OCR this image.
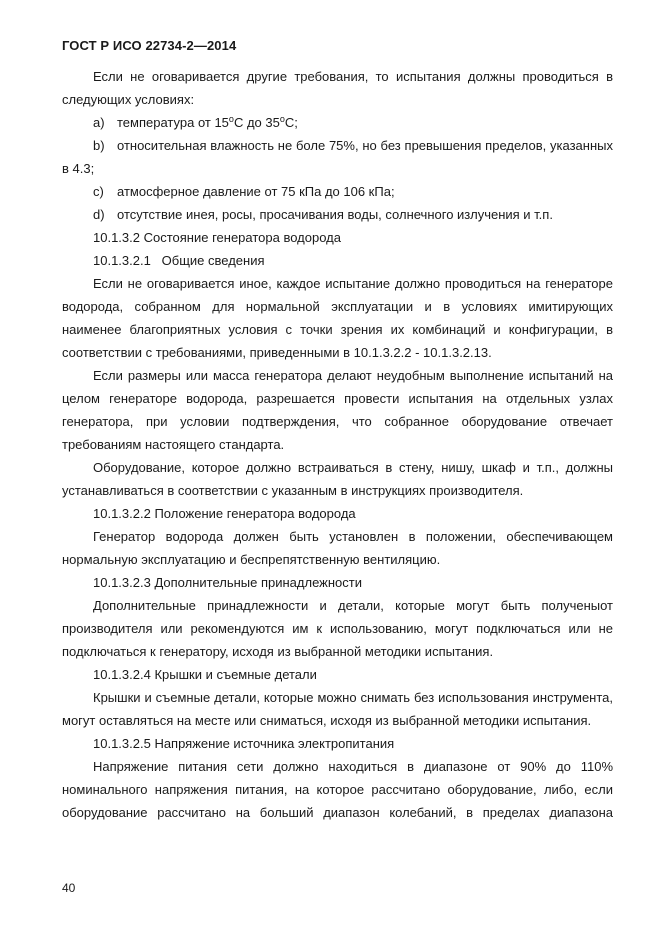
ГОСТ Р ИСО 22734-2—2014

Если не оговаривается другие требования, то испытания должны проводиться в следующих условиях:

a) температура от 15$^o$C до 35$^o$C;

b) относительная влажность не боле 75%, но без превышения пределов, указанных в 4.3;

c) атмосферное давление от 75 кПа до 106 кПа;

d) отсутствие инея, росы, просачивания воды, солнечного излучения и т.п.

10.1.3.2 Состояние генератора водорода

10.1.3.2.1   Общие сведения

Если не оговаривается иное, каждое испытание должно проводиться на генераторе водорода, собранном для нормальной эксплуатации и в условиях имитирующих наименее благоприятных условия с точки зрения их комбинаций и конфигурации, в соответствии с требованиями, приведенными в 10.1.3.2.2 - 10.1.3.2.13.

Если размеры или масса генератора делают неудобным выполнение испытаний на целом генераторе водорода, разрешается провести испытания на отдельных узлах генератора, при условии подтверждения, что собранное оборудование отвечает требованиям настоящего стандарта.

Оборудование, которое должно встраиваться в стену, нишу, шкаф и т.п., должны устанавливаться в соответствии с указанным в инструкциях производителя.

10.1.3.2.2 Положение генератора водорода

Генератор водорода должен быть установлен в положении, обеспечивающем нормальную эксплуатацию и беспрепятственную вентиляцию.

10.1.3.2.3 Дополнительные принадлежности

Дополнительные принадлежности и детали, которые могут быть полученыот производителя или рекомендуются им к использованию, могут подключаться или не подключаться к генератору, исходя из выбранной методики испытания.

10.1.3.2.4 Крышки и съемные детали

Крышки и съемные детали, которые можно снимать без использования инструмента, могут оставляться на месте или сниматься, исходя из выбранной методики испытания.

10.1.3.2.5 Напряжение источника электропитания

Напряжение питания сети должно находиться в диапазоне от 90% до 110% номинального напряжения питания, на которое рассчитано оборудование, либо, если оборудование рассчитано на больший диапазон колебаний, в пределах диапазона

40
